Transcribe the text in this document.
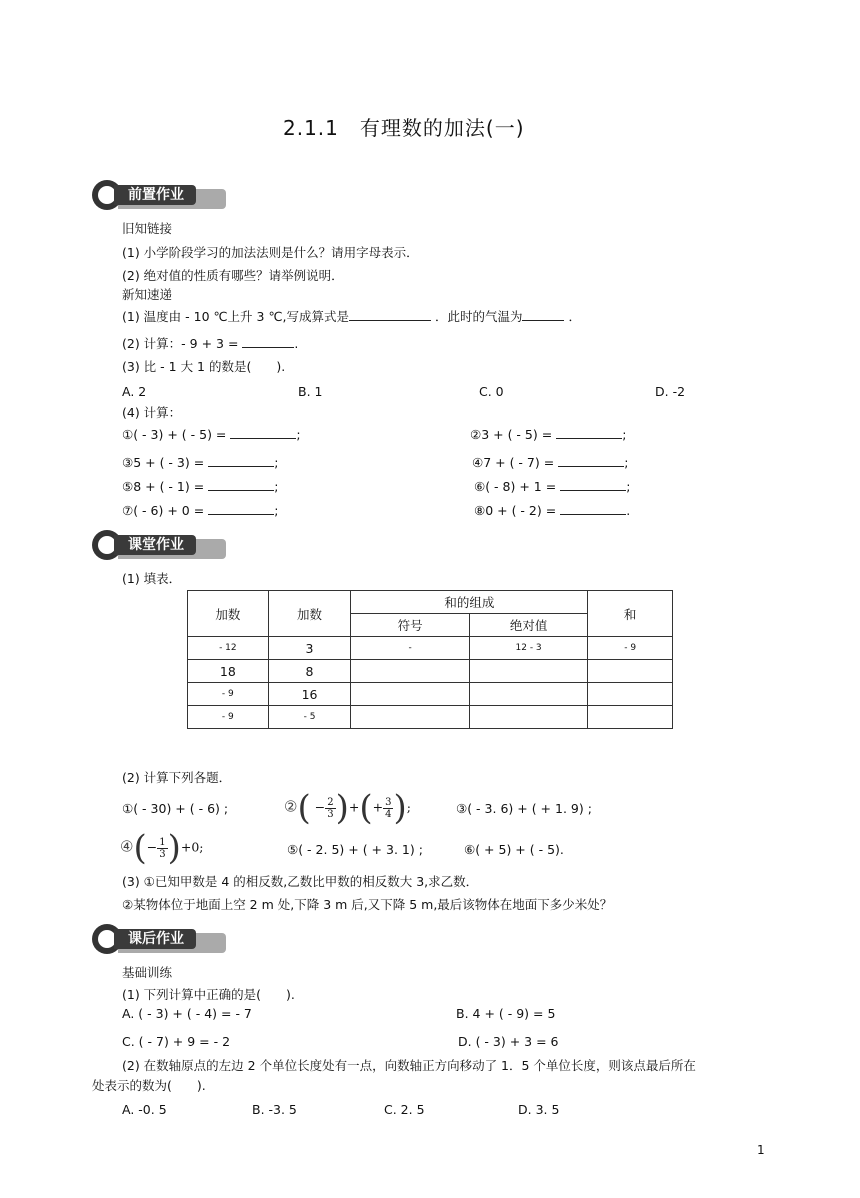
2.1.1　有理数的加法(一)
前置作业
旧知链接
(1) 小学阶段学习的加法法则是什么？请用字母表示．
(2) 绝对值的性质有哪些？请举例说明．
新知速递
(1) 温度由 - 10 ℃上升 3 ℃,写成算式是	．此时的气温为	．
(2) 计算：- 9 + 3 =	.
(3) 比 - 1 大 1 的数是(　　).
A. 2	B. 1	C. 0	D. -2
(4) 计算：
①( - 3) + ( - 5) =	;	②3 + ( - 5) =	;
③5 + ( - 3) =	;	④7 + ( - 7) =	;
⑤8 + ( - 1) =	;	⑥( - 8) + 1 =	;
⑦( - 6) + 0 =	;	⑧0 + ( - 2) =	.
课堂作业
(1) 填表．
加数	加数	和的组成		和
		符号	绝对值	
- 12	3	-	12 - 3	- 9
18	8			
- 9	16			
- 9	- 5			
(2) 计算下列各题．
①( - 30) + ( - 6) ;	②( − $\frac{2}{3}$ )+(+ $\frac{3}{4}$ );	③( - 3. 6) + ( + 1. 9) ;
④(− $\frac{1}{3} )+0$;	⑤( - 2. 5) + ( + 3. 1) ;	⑥( + 5) + ( - 5).
(3) ①已知甲数是 4 的相反数,乙数比甲数的相反数大 3,求乙数．
②某物体位于地面上空 2 m 处,下降 3 m 后,又下降 5 m,最后该物体在地面下多少米处？
课后作业
基础训练
(1) 下列计算中正确的是(　　).
A. ( - 3) + ( - 4) = - 7	B. 4 + ( - 9) = 5
C. ( - 7) + 9 = - 2	D. ( - 3) + 3 = 6
(2) 在数轴原点的左边 2 个单位长度处有一点，向数轴正方向移动了 1．5 个单位长度，则该点最后所在
处表示的数为(　　).
A. -0. 5	B. -3. 5	C. 2. 5	D. 3. 5
1
